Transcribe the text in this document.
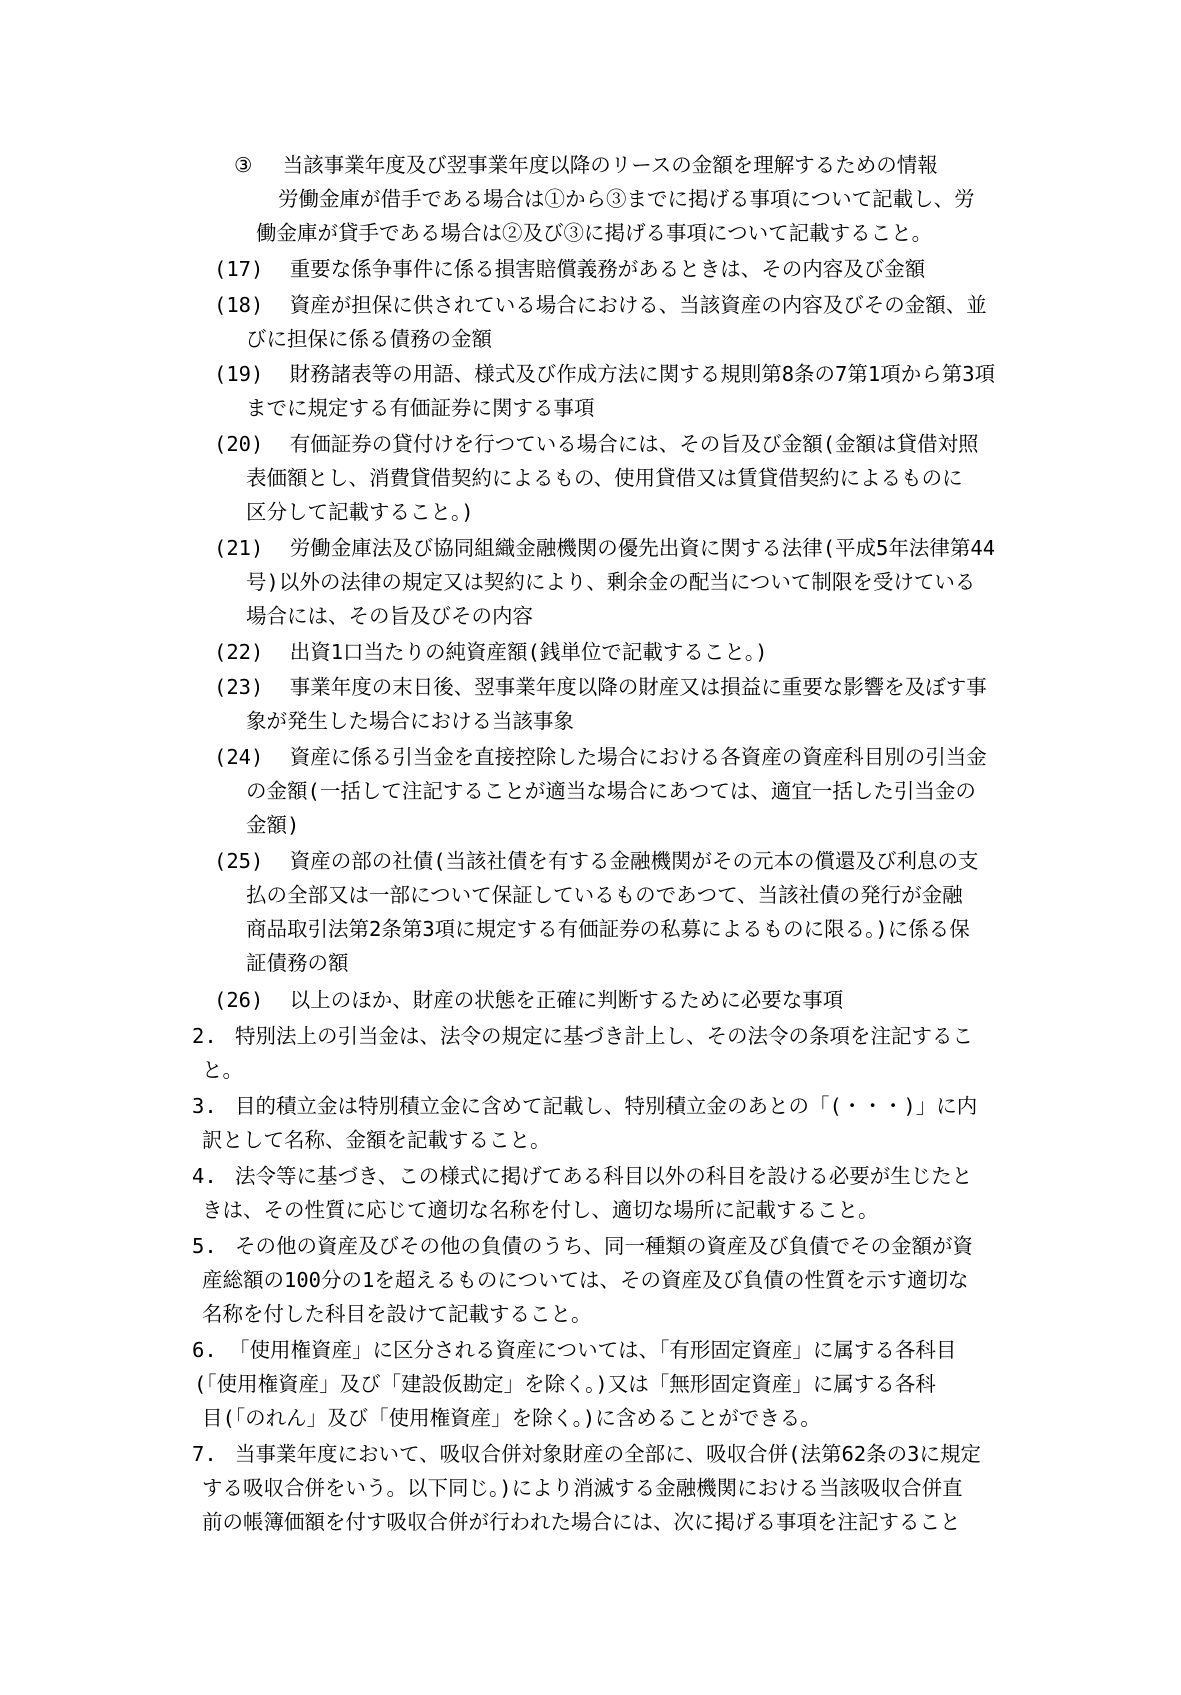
③ 当該事業年度及び翌事業年度以降のリースの金額を理解するための情報
労働金庫が借手である場合は①から③までに掲げる事項について記載し、労
働金庫が貸手である場合は②及び③に掲げる事項について記載すること。
(17) 重要な係争事件に係る損害賠償義務があるときは、その内容及び金額
(18) 資産が担保に供されている場合における、当該資産の内容及びその金額、並
びに担保に係る債務の金額
(19) 財務諸表等の用語、様式及び作成方法に関する規則第8条の7第1項から第3項
までに規定する有価証券に関する事項
(20) 有価証券の貸付けを行つている場合には、その旨及び金額(金額は貸借対照
表価額とし、消費貸借契約によるもの、使用貸借又は賃貸借契約によるものに
区分して記載すること。)
(21) 労働金庫法及び協同組織金融機関の優先出資に関する法律(平成5年法律第44
号)以外の法律の規定又は契約により、剰余金の配当について制限を受けている
場合には、その旨及びその内容
(22) 出資1口当たりの純資産額(銭単位で記載すること。)
(23) 事業年度の末日後、翌事業年度以降の財産又は損益に重要な影響を及ぼす事
象が発生した場合における当該事象
(24) 資産に係る引当金を直接控除した場合における各資産の資産科目別の引当金
の金額(一括して注記することが適当な場合にあつては、適宜一括した引当金の
金額)
(25) 資産の部の社債(当該社債を有する金融機関がその元本の償還及び利息の支
払の全部又は一部について保証しているものであつて、当該社債の発行が金融
商品取引法第2条第3項に規定する有価証券の私募によるものに限る。)に係る保
証債務の額
(26) 以上のほか、財産の状態を正確に判断するために必要な事項
2. 特別法上の引当金は、法令の規定に基づき計上し、その法令の条項を注記するこ
と。
3. 目的積立金は特別積立金に含めて記載し、特別積立金のあとの「(・・・)」に内
訳として名称、金額を記載すること。
4. 法令等に基づき、この様式に掲げてある科目以外の科目を設ける必要が生じたと
きは、その性質に応じて適切な名称を付し、適切な場所に記載すること。
5. その他の資産及びその他の負債のうち、同一種類の資産及び負債でその金額が資
産総額の100分の1を超えるものについては、その資産及び負債の性質を示す適切な
名称を付した科目を設けて記載すること。
6. 「使用権資産」に区分される資産については、「有形固定資産」に属する各科目
(「使用権資産」及び「建設仮勘定」を除く。)又は「無形固定資産」に属する各科
目(「のれん」及び「使用権資産」を除く。)に含めることができる。
7. 当事業年度において、吸収合併対象財産の全部に、吸収合併(法第62条の3に規定
する吸収合併をいう。以下同じ。)により消滅する金融機関における当該吸収合併直
前の帳簿価額を付す吸収合併が行われた場合には、次に掲げる事項を注記すること
